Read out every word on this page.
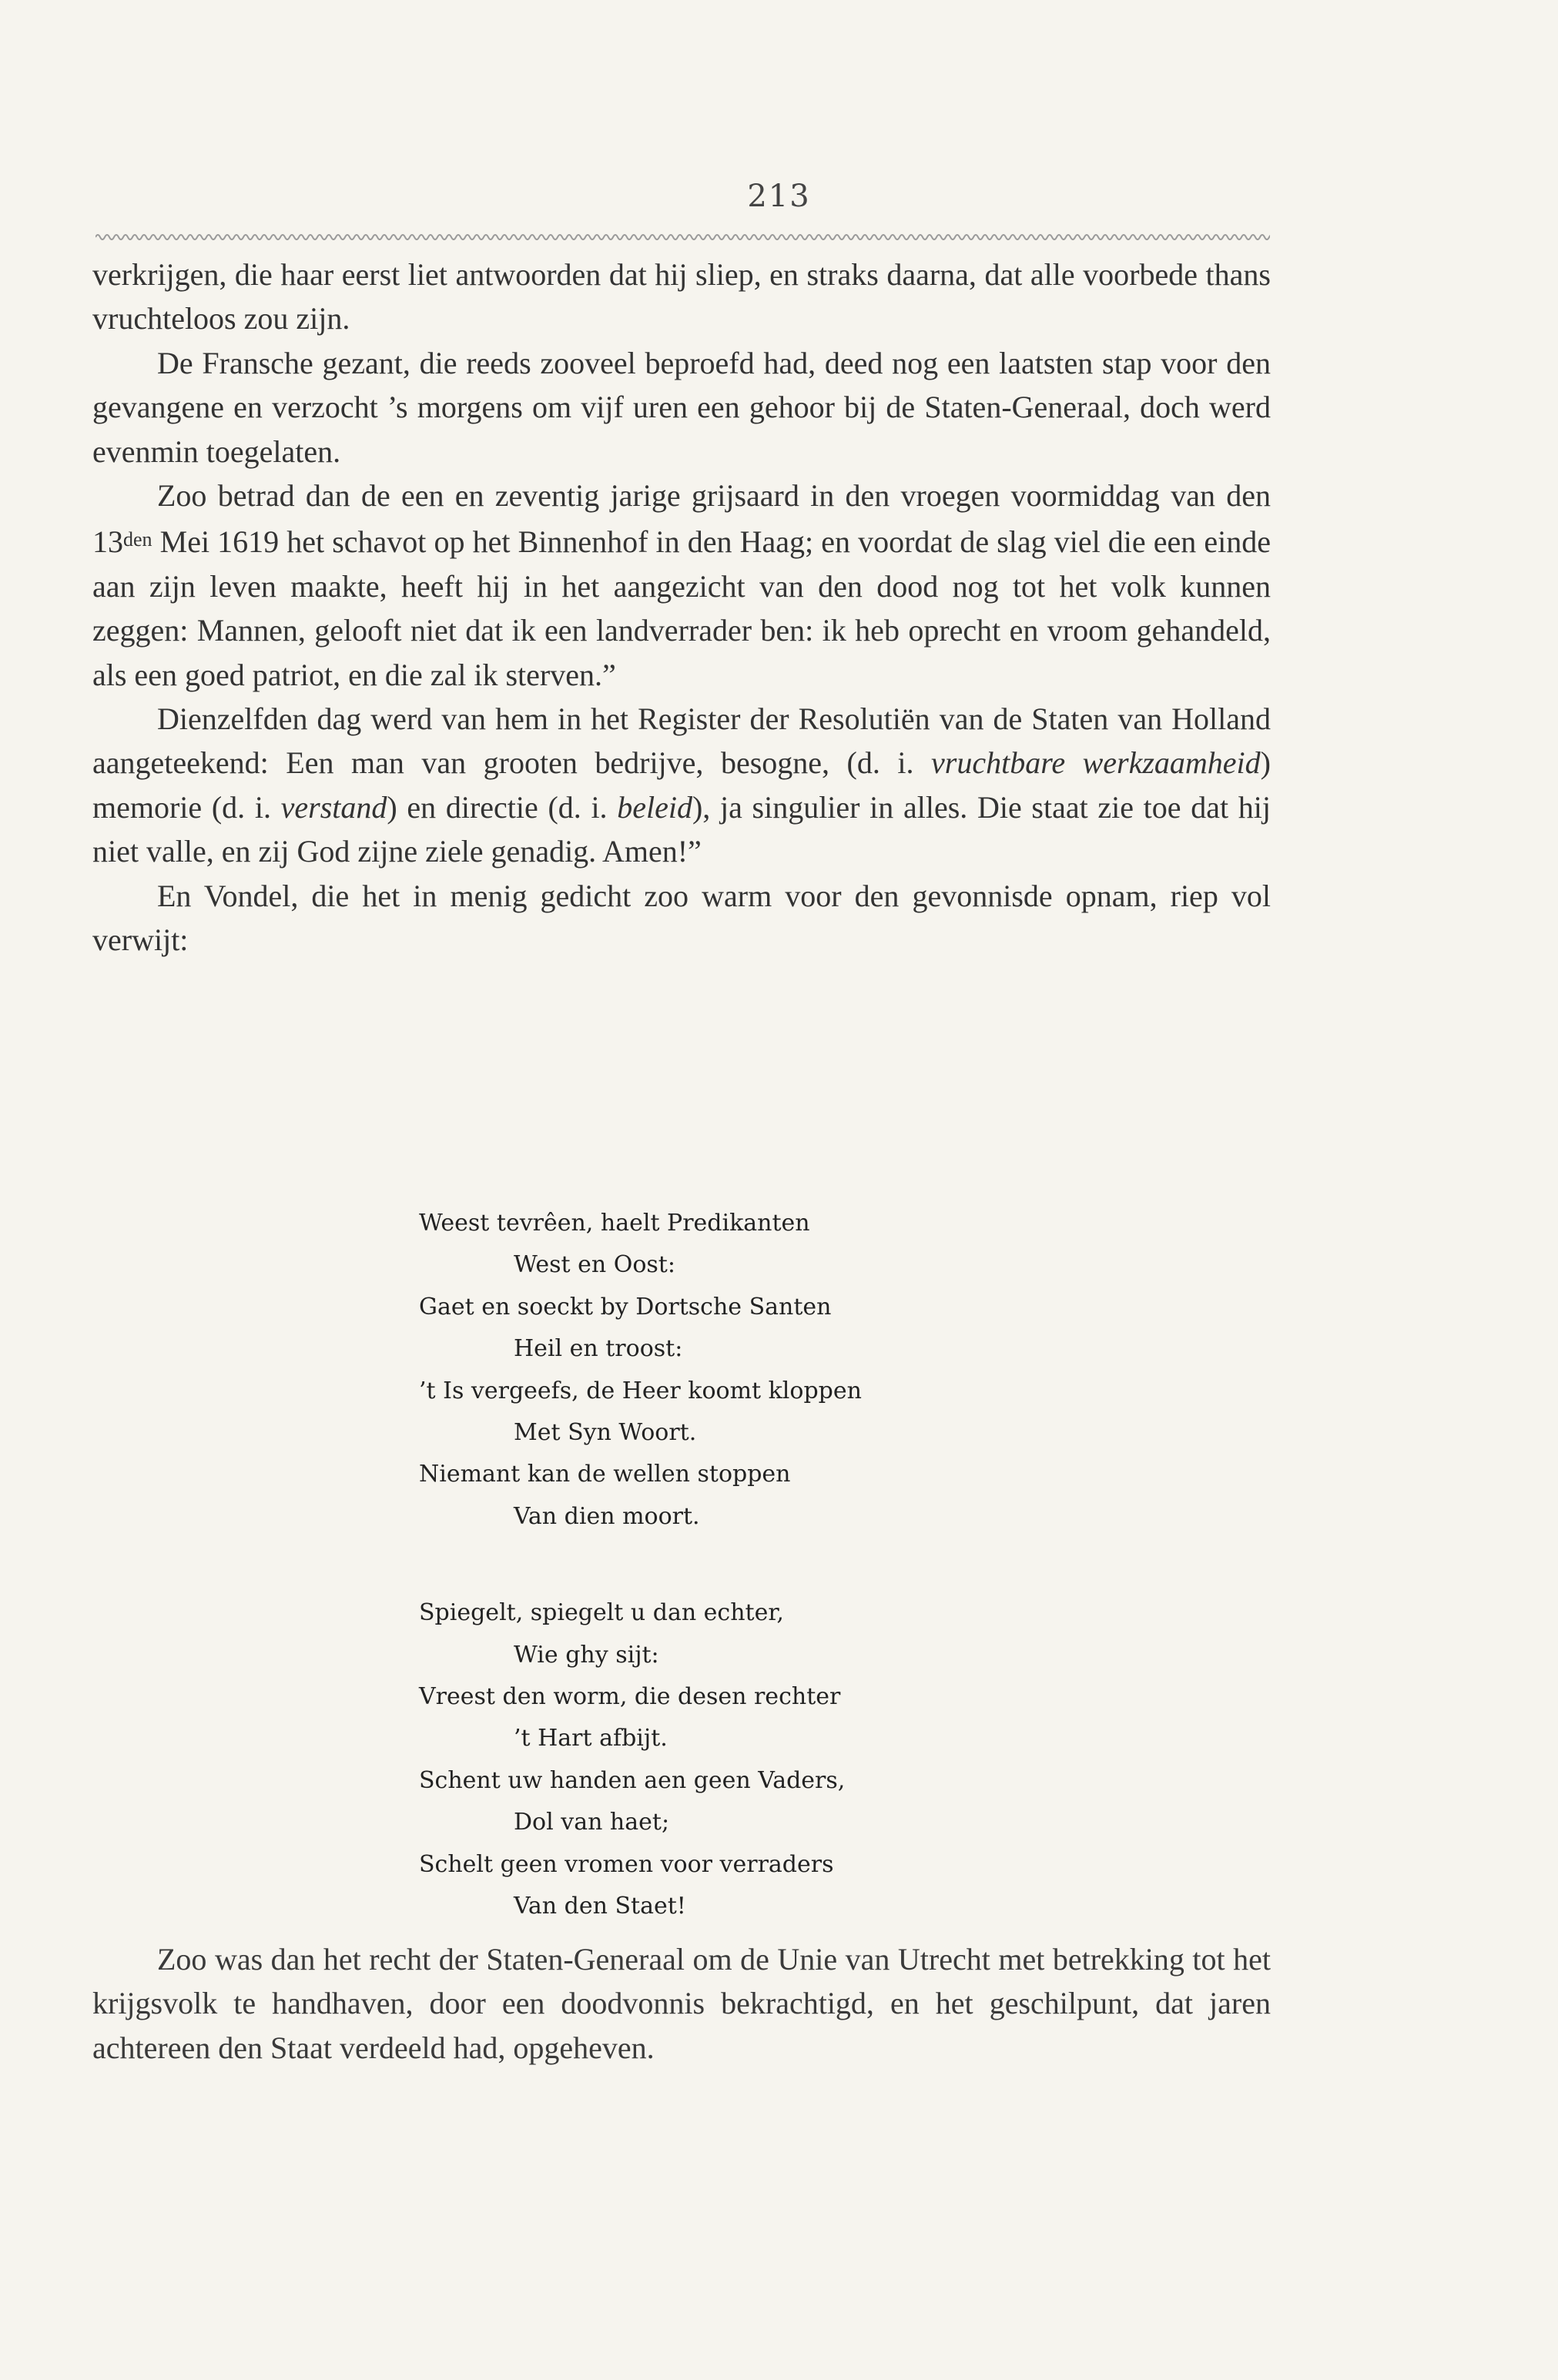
213

verkrijgen, die haar eerst liet antwoorden dat hij sliep, en straks daarna, dat alle voorbede thans vruchteloos zou zijn.

De Fransche gezant, die reeds zooveel beproefd had, deed nog een laatsten stap voor den gevangene en verzocht ’s morgens om vijf uren een gehoor bij de Staten-Generaal, doch werd evenmin toegelaten.

Zoo betrad dan de een en zeventig jarige grijsaard in den vroegen voormiddag van den $13^{den}$ Mei 1619 het schavot op het Binnenhof in den Haag; en voordat de slag viel die een einde aan zijn leven maakte, heeft hij in het aangezicht van den dood nog tot het volk kunnen zeggen: Mannen, gelooft niet dat ik een landverrader ben: ik heb oprecht en vroom gehandeld, als een goed patriot, en die zal ik sterven.”

Dienzelfden dag werd van hem in het Register der Resolutiën van de Staten van Holland aangeteekend: Een man van grooten bedrijve, besogne, (d. i. vruchtbare werkzaamheid) memorie (d. i. verstand) en directie (d. i. beleid), ja singulier in alles. Die staat zie toe dat hij niet valle, en zij God zijne ziele genadig. Amen!”

En Vondel, die het in menig gedicht zoo warm voor den gevonnisde opnam, riep vol verwijt:

Weest tevrêen, haelt Predikanten
West en Oost:
Gaet en soeckt by Dortsche Santen
Heil en troost:
’t Is vergeefs, de Heer koomt kloppen
Met Syn Woort.
Niemant kan de wellen stoppen
Van dien moort.
Spiegelt, spiegelt u dan echter,
Wie ghy sijt:
Vreest den worm, die desen rechter
’t Hart afbijt.
Schent uw handen aen geen Vaders,
Dol van haet;
Schelt geen vromen voor verraders
Van den Staet!

Zoo was dan het recht der Staten-Generaal om de Unie van Utrecht met betrekking tot het krijgsvolk te handhaven, door een doodvonnis bekrachtigd, en het geschilpunt, dat jaren achtereen den Staat verdeeld had, opgeheven.
